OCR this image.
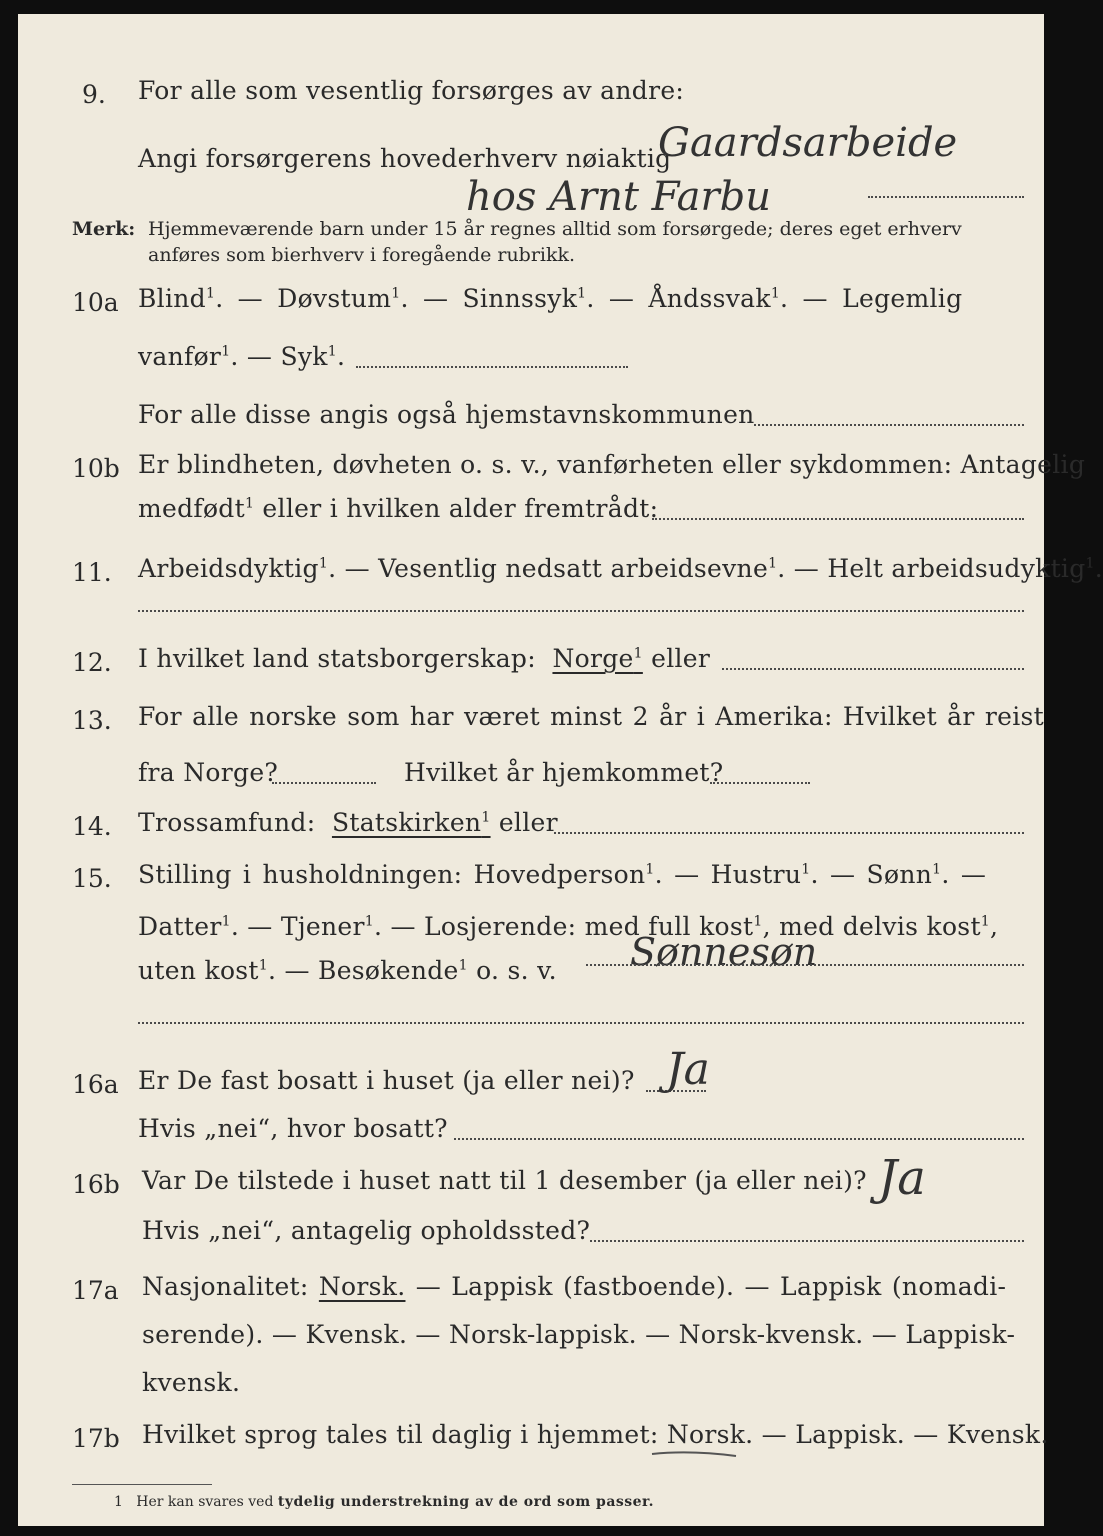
9. For alle som vesentlig forsørges av andre:
Angi forsørgerens hovederhverv nøiaktig
Gaardsarbeide
hos Arnt Farbu
Merk: Hjemmeværende barn under 15 år regnes alltid som forsørgede; deres eget erhverv
anføres som bierhverv i foregående rubrikk.
10a Blind$^1$. — Døvstum$^1$. — Sinnssyk$^1$. — Åndssvak$^1$. — Legemlig
vanfør$^1$. — Syk$^1$.
For alle disse angis også hjemstavnskommunen
10b Er blindheten, døvheten o. s. v., vanførheten eller sykdommen: Antagelig
medfødt$^1$ eller i hvilken alder fremtrådt:
11. Arbeidsdyktig$^1$. — Vesentlig nedsatt arbeidsevne$^1$. — Helt arbeidsudyktig$^1$.
12. I hvilket land statsborgerskap: Norge$^1$ eller
13. For alle norske som har været minst 2 år i Amerika: Hvilket år reist
fra Norge?	Hvilket år hjemkommet?
14. Trossamfund: Statskirken$^1$ eller
15. Stilling i husholdningen: Hovedperson$^1$. — Hustru$^1$. — Sønn$^1$. —
Datter$^1$. — Tjener$^1$. — Losjerende: med full kost$^1$, med delvis kost$^1$,
uten kost$^1$. — Besøkende$^1$ o. s. v. Sønnesøn
16a Er De fast bosatt i huset (ja eller nei)? Ja
Hvis „nei“, hvor bosatt?
16b Var De tilstede i huset natt til 1 desember (ja eller nei)? Ja
Hvis „nei“, antagelig opholdssted?
17a Nasjonalitet: Norsk. — Lappisk (fastboende). — Lappisk (nomadi-
serende). — Kvensk. — Norsk-lappisk. — Norsk-kvensk. — Lappisk-
kvensk.
17b Hvilket sprog tales til daglig i hjemmet: Norsk. — Lappisk. — Kvensk.
1 Her kan svares ved tydelig understrekning av de ord som passer.
